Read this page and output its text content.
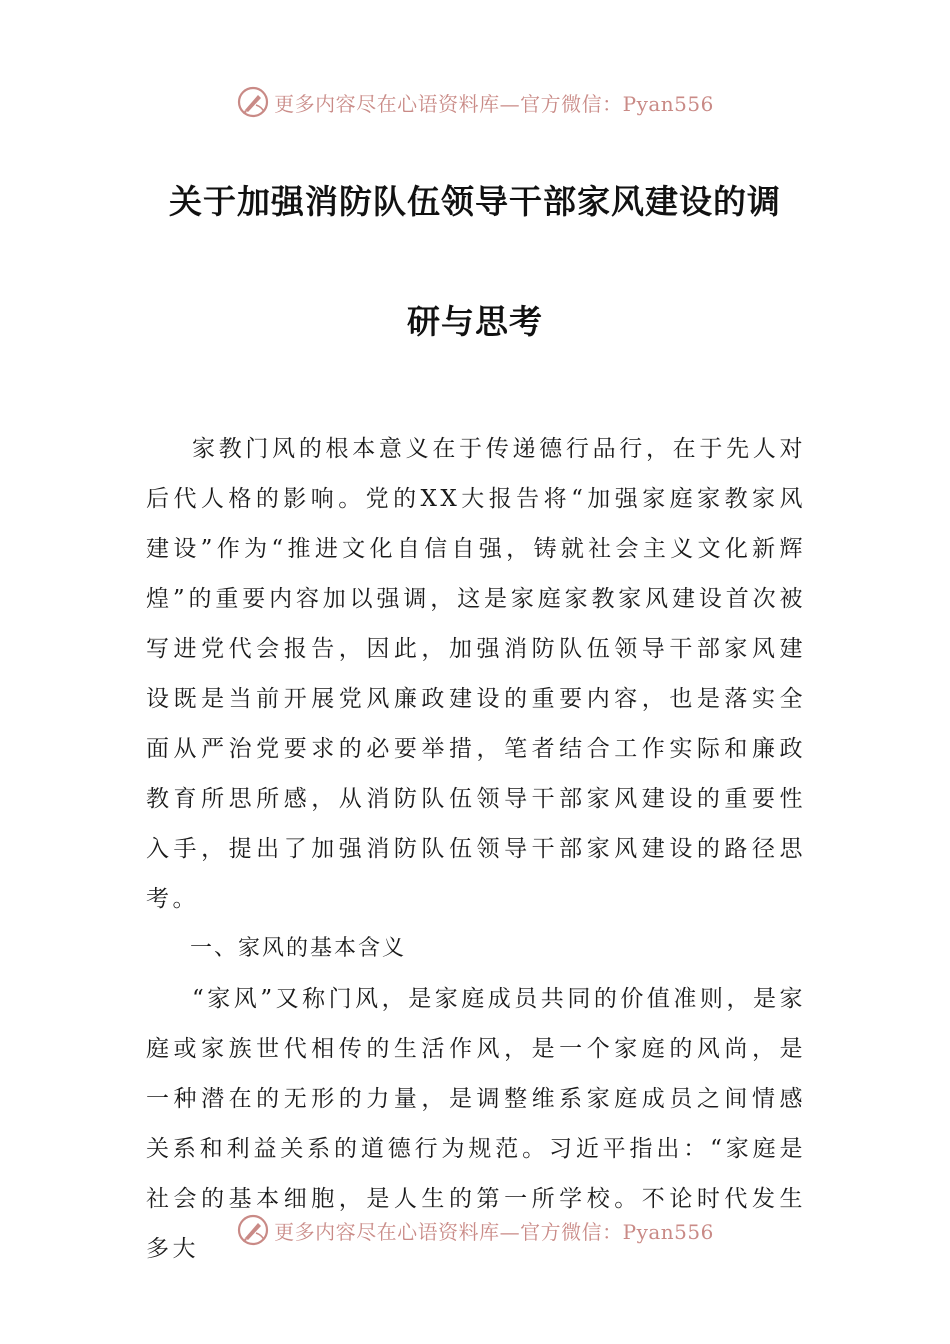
更多内容尽在心语资料库—官方微信：Pyan556
关于加强消防队伍领导干部家风建设的调
研与思考

家教门风的根本意义在于传递德行品行，在于先人对后代人格的影响。党的XX大报告将“加强家庭家教家风建设”作为“推进文化自信自强，铸就社会主义文化新辉煌”的重要内容加以强调，这是家庭家教家风建设首次被写进党代会报告，因此，加强消防队伍领导干部家风建设既是当前开展党风廉政建设的重要内容，也是落实全面从严治党要求的必要举措，笔者结合工作实际和廉政教育所思所感，从消防队伍领导干部家风建设的重要性入手，提出了加强消防队伍领导干部家风建设的路径思考。

一、家风的基本含义

“家风”又称门风，是家庭成员共同的价值准则，是家庭或家族世代相传的生活作风，是一个家庭的风尚，是一种潜在的无形的力量，是调整维系家庭成员之间情感关系和利益关系的道德行为规范。习近平指出：“家庭是社会的基本细胞，是人生的第一所学校。不论时代发生多大

更多内容尽在心语资料库—官方微信：Pyan556
